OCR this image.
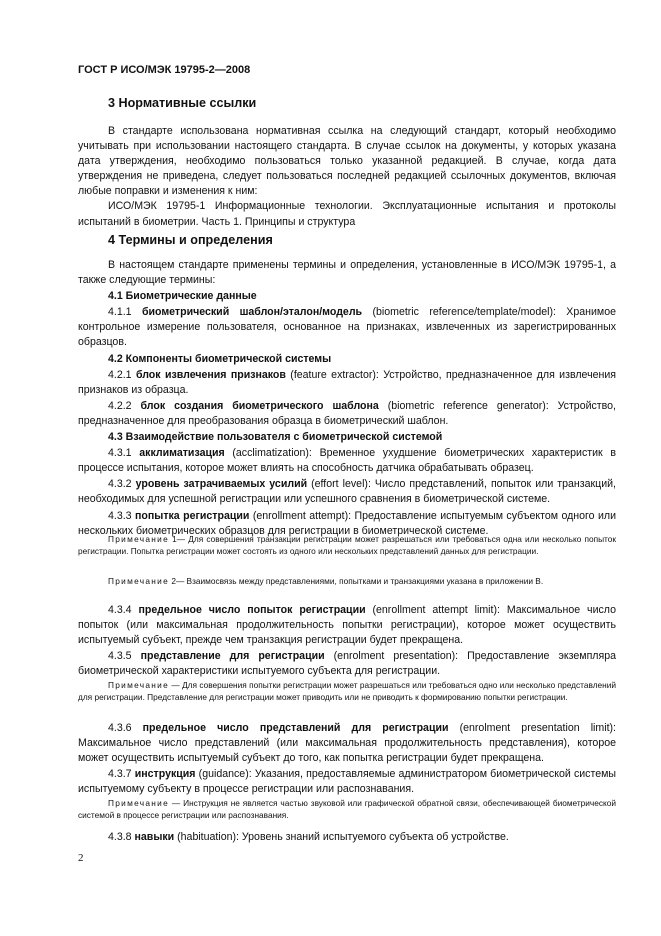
ГОСТ Р ИСО/МЭК 19795-2—2008
3 Нормативные ссылки

В стандарте использована нормативная ссылка на следующий стандарт, который необходимо учитывать при использовании настоящего стандарта. В случае ссылок на документы, у которых указана дата утверждения, необходимо пользоваться только указанной редакцией. В случае, когда дата утверждения не приведена, следует пользоваться последней редакцией ссылочных документов, включая любые поправки и изменения к ним:

ИСО/МЭК 19795-1 Информационные технологии. Эксплуатационные испытания и протоколы испытаний в биометрии. Часть 1. Принципы и структура

4 Термины и определения

В настоящем стандарте применены термины и определения, установленные в ИСО/МЭК 19795-1, а также следующие термины:

4.1 Биометрические данные

4.1.1 биометрический шаблон/эталон/модель (biometric reference/template/model): Хранимое контрольное измерение пользователя, основанное на признаках, извлеченных из зарегистрированных образцов.

4.2 Компоненты биометрической системы

4.2.1 блок извлечения признаков (feature extractor): Устройство, предназначенное для извлечения признаков из образца.

4.2.2 блок создания биометрического шаблона (biometric reference generator): Устройство, предназначенное для преобразования образца в биометрический шаблон.

4.3 Взаимодействие пользователя с биометрической системой

4.3.1 акклиматизация (acclimatization): Временное ухудшение биометрических характеристик в процессе испытания, которое может влиять на способность датчика обрабатывать образец.

4.3.2 уровень затрачиваемых усилий (effort level): Число представлений, попыток или транзакций, необходимых для успешной регистрации или успешного сравнения в биометрической системе.

4.3.3 попытка регистрации (enrollment attempt): Предоставление испытуемым субъектом одного или нескольких биометрических образцов для регистрации в биометрической системе.

Примечание 1— Для совершения транзакции регистрации может разрешаться или требоваться одна или несколько попыток регистрации. Попытка регистрации может состоять из одного или нескольких представлений данных для регистрации.

Примечание 2— Взаимосвязь между представлениями, попытками и транзакциями указана в приложении В.

4.3.4 предельное число попыток регистрации (enrollment attempt limit): Максимальное число попыток (или максимальная продолжительность попытки регистрации), которое может осуществить испытуемый субъект, прежде чем транзакция регистрации будет прекращена.

4.3.5 представление для регистрации (enrolment presentation): Предоставление экземпляра биометрической характеристики испытуемого субъекта для регистрации.

Примечание — Для совершения попытки регистрации может разрешаться или требоваться одно или несколько представлений для регистрации. Представление для регистрации может приводить или не приводить к формированию попытки регистрации.

4.3.6 предельное число представлений для регистрации (enrolment presentation limit): Максимальное число представлений (или максимальная продолжительность представления), которое может осуществить испытуемый субъект до того, как попытка регистрации будет прекращена.

4.3.7 инструкция (guidance): Указания, предоставляемые администратором биометрической системы испытуемому субъекту в процессе регистрации или распознавания.

Примечание — Инструкция не является частью звуковой или графической обратной связи, обеспечивающей биометрической системой в процессе регистрации или распознавания.

4.3.8 навыки (habituation): Уровень знаний испытуемого субъекта об устройстве.

2
